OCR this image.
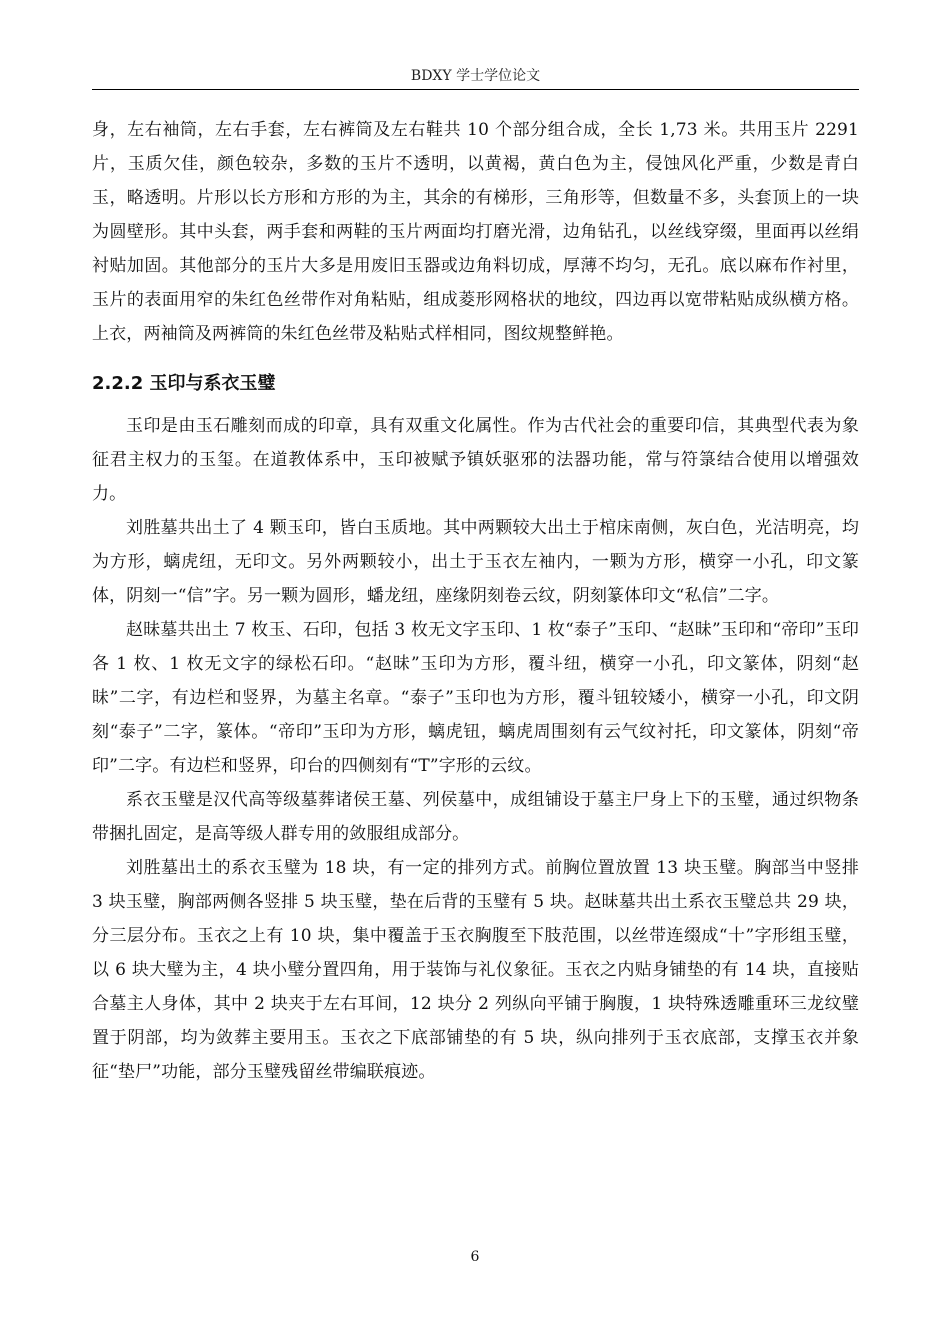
BDXY 学士学位论文

身，左右袖筒，左右手套，左右裤筒及左右鞋共 10 个部分组合成，全长 1,73 米。共用玉片 2291 片，玉质欠佳，颜色较杂，多数的玉片不透明，以黄褐，黄白色为主，侵蚀风化严重，少数是青白玉，略透明。片形以长方形和方形的为主，其余的有梯形，三角形等，但数量不多，头套顶上的一块为圆壁形。其中头套，两手套和两鞋的玉片两面均打磨光滑，边角钻孔，以丝线穿缀，里面再以丝绢衬贴加固。其他部分的玉片大多是用废旧玉器或边角料切成，厚薄不均匀，无孔。底以麻布作衬里，玉片的表面用窄的朱红色丝带作对角粘贴，组成菱形网格状的地纹，四边再以宽带粘贴成纵横方格。上衣，两袖筒及两裤筒的朱红色丝带及粘贴式样相同，图纹规整鲜艳。

2.2.2 玉印与系衣玉璧

玉印是由玉石雕刻而成的印章，具有双重文化属性。作为古代社会的重要印信，其典型代表为象征君主权力的玉玺。在道教体系中，玉印被赋予镇妖驱邪的法器功能，常与符箓结合使用以增强效力。

刘胜墓共出土了 4 颗玉印，皆白玉质地。其中两颗较大出土于棺床南侧，灰白色，光洁明亮，均为方形，螭虎纽，无印文。另外两颗较小，出土于玉衣左袖内，一颗为方形，横穿一小孔，印文篆体，阴刻一“信”字。另一颗为圆形，蟠龙纽，座缘阴刻卷云纹，阴刻篆体印文“私信”二字。

赵昧墓共出土 7 枚玉、石印，包括 3 枚无文字玉印、1 枚“泰子”玉印、“赵昧”玉印和“帝印”玉印各 1 枚、1 枚无文字的绿松石印。“赵昧”玉印为方形，覆斗纽，横穿一小孔，印文篆体，阴刻“赵昧”二字，有边栏和竖界，为墓主名章。“泰子”玉印也为方形，覆斗钮较矮小，横穿一小孔，印文阴刻“泰子”二字，篆体。“帝印”玉印为方形，螭虎钮，螭虎周围刻有云气纹衬托，印文篆体，阴刻“帝印”二字。有边栏和竖界，印台的四侧刻有“T”字形的云纹。

系衣玉璧是汉代高等级墓葬诸侯王墓、列侯墓中，成组铺设于墓主尸身上下的玉璧，通过织物条带捆扎固定，是高等级人群专用的敛服组成部分。

刘胜墓出土的系衣玉璧为 18 块，有一定的排列方式。前胸位置放置 13 块玉璧。胸部当中竖排 3 块玉璧，胸部两侧各竖排 5 块玉璧，垫在后背的玉璧有 5 块。赵昧墓共出土系衣玉璧总共 29 块，分三层分布。玉衣之上有 10 块，集中覆盖于玉衣胸腹至下肢范围，以丝带连缀成“十”字形组玉璧，以 6 块大璧为主，4 块小璧分置四角，用于装饰与礼仪象征。玉衣之内贴身铺垫的有 14 块，直接贴合墓主人身体，其中 2 块夹于左右耳间，12 块分 2 列纵向平铺于胸腹，1 块特殊透雕重环三龙纹璧置于阴部，均为敛葬主要用玉。玉衣之下底部铺垫的有 5 块，纵向排列于玉衣底部，支撑玉衣并象征“垫尸”功能，部分玉璧残留丝带编联痕迹。

6
